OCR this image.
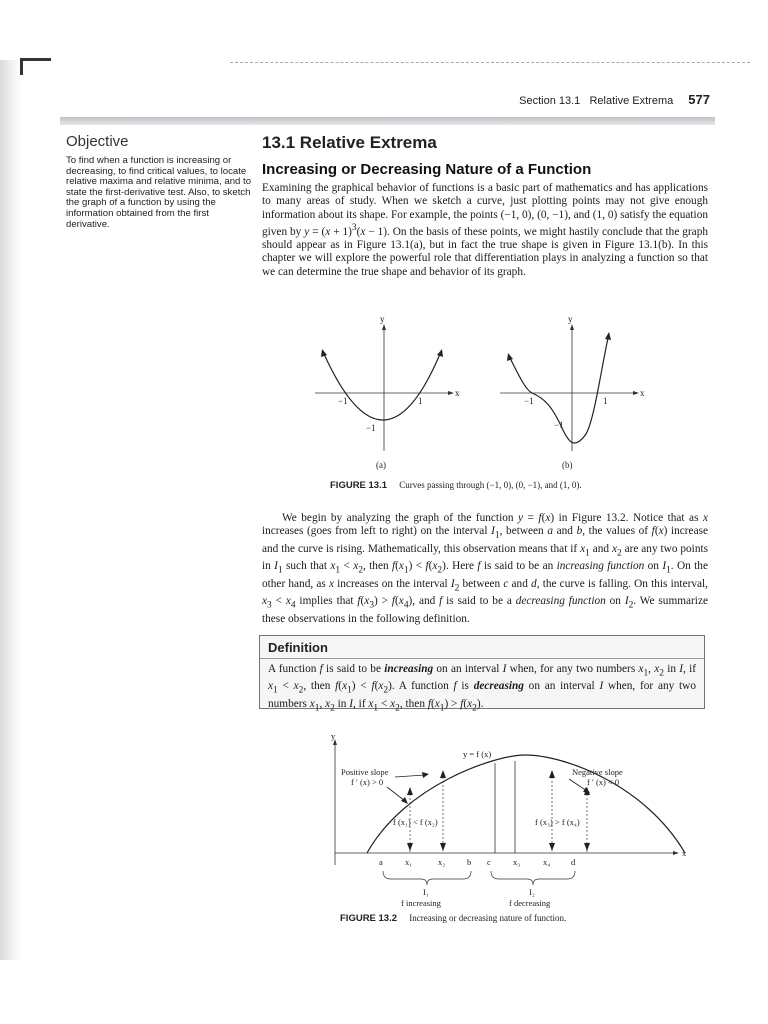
Section 13.1 Relative Extrema 577
Objective

To find when a function is increasing or decreasing, to find critical values, to locate relative maxima and relative minima, and to state the first-derivative test. Also, to sketch the graph of a function by using the information obtained from the first derivative.

13.1 Relative Extrema
Increasing or Decreasing Nature of a Function

Examining the graphical behavior of functions is a basic part of mathematics and has applications to many areas of study. When we sketch a curve, just plotting points may not give enough information about its shape. For example, the points (−1, 0), (0, −1), and (1, 0) satisfy the equation given by $y = (x + 1)^3(x - 1)$. On the basis of these points, we might hastily conclude that the graph should appear as in Figure 13.1(a), but in fact the true shape is given in Figure 13.1(b). In this chapter we will explore the powerful role that differentiation plays in analyzing a function so that we can determine the true shape and behavior of its graph.

y
x
−1	1
−1
(a)
y
x
−1	1
−1
(b)
FIGURE 13.1 Curves passing through (−1, 0), (0, −1), and (1, 0).

We begin by analyzing the graph of the function y = f(x) in Figure 13.2. Notice that as x increases (goes from left to right) on the interval $I_1$, between a and b, the values of f(x) increase and the curve is rising. Mathematically, this observation means that if $x_1$ and $x_2$ are any two points in $I_1$ such that $x_1 < x_2$, then $f(x_1) < f(x_2)$. Here f is said to be an increasing function on $I_1$. On the other hand, as x increases on the interval $I_2$ between c and d, the curve is falling. On this interval, $x_3 < x_4$ implies that $f(x_3) > f(x_4)$, and f is said to be a decreasing function on $I_2$. We summarize these observations in the following definition.

Definition
A function f is said to be increasing on an interval I when, for any two numbers $x_1$, $x_2$ in I, if $x_1 < x_2$, then $f(x_1) < f(x_2)$. A function f is decreasing on an interval I when, for any two numbers $x_1$, $x_2$ in I, if $x_1 < x_2$, then $f(x_1) > f(x_2)$.
y
x
y = f (x)
Positive slope
f ′ (x) > 0
Negative slope
f ′ (x) < 0
f (x₁) < f (x₂)	f (x₃) > f (x₄)
a	x₁	x₂	b c	x₃	x₄ d
I₁	I₂
f increasing	f decreasing
FIGURE 13.2 Increasing or decreasing nature of function.
